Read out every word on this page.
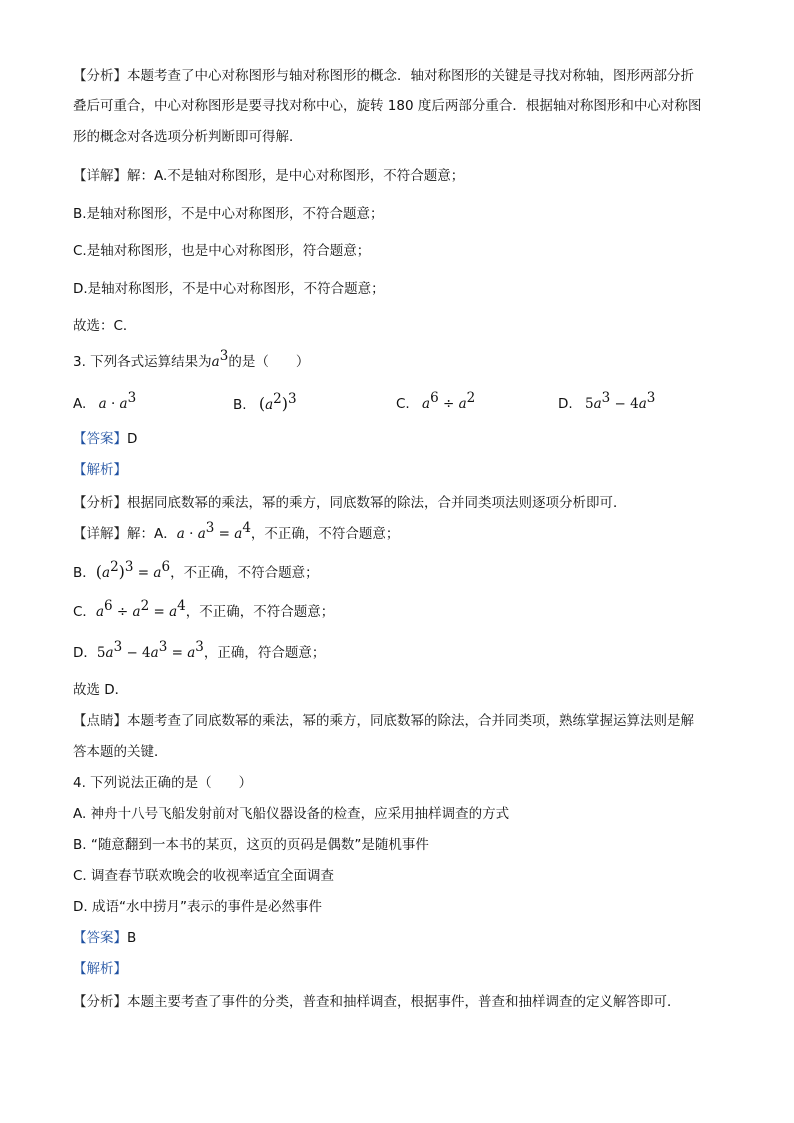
【分析】本题考查了中心对称图形与轴对称图形的概念．轴对称图形的关键是寻找对称轴，图形两部分折
叠后可重合，中心对称图形是要寻找对称中心，旋转 180 度后两部分重合．根据轴对称图形和中心对称图
形的概念对各选项分析判断即可得解．
【详解】解：A.不是轴对称图形，是中心对称图形，不符合题意；
B.是轴对称图形，不是中心对称图形，不符合题意；
C.是轴对称图形，也是中心对称图形，符合题意；
D.是轴对称图形，不是中心对称图形，不符合题意；
故选：C．
3. 下列各式运算结果为$a^3$的是（　　）
A. $a \cdot a^3$	B. $(a^2)^3$	C. $a^6 \div a^2$	D. $5a^3 - 4a^3$
【答案】D
【解析】
【分析】根据同底数幂的乘法，幂的乘方，同底数幂的除法，合并同类项法则逐项分析即可．
【详解】解：A．$a \cdot a^3 = a^4$，不正确，不符合题意；
B．$(a^2)^3 = a^6$，不正确，不符合题意；
C．$a^6 \div a^2 = a^4$，不正确，不符合题意；
D．$5a^3 - 4a^3 = a^3$，正确，符合题意；
故选 D．
【点睛】本题考查了同底数幂的乘法，幂的乘方，同底数幂的除法，合并同类项，熟练掌握运算法则是解
答本题的关键．
4. 下列说法正确的是（　　）
A. 神舟十八号飞船发射前对飞船仪器设备的检查，应采用抽样调查的方式
B. “随意翻到一本书的某页，这页的页码是偶数”是随机事件
C. 调查春节联欢晚会的收视率适宜全面调查
D. 成语“水中捞月”表示的事件是必然事件
【答案】B
【解析】
【分析】本题主要考查了事件的分类，普查和抽样调查，根据事件，普查和抽样调查的定义解答即可．
